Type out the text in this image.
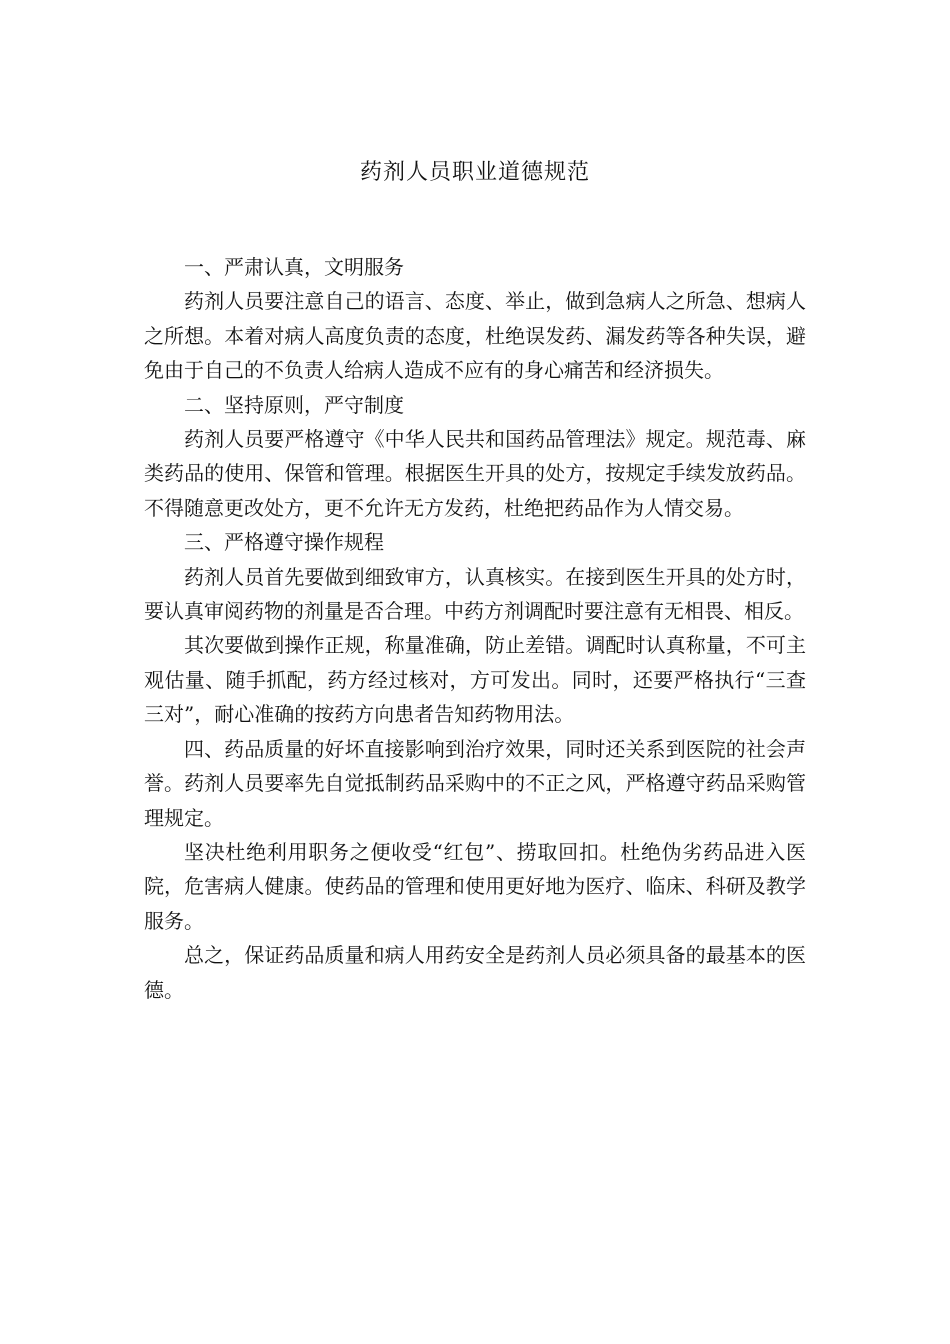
药剂人员职业道德规范

一、严肃认真，文明服务

药剂人员要注意自己的语言、态度、举止，做到急病人之所急、想病人之所想。本着对病人高度负责的态度，杜绝误发药、漏发药等各种失误，避免由于自己的不负责人给病人造成不应有的身心痛苦和经济损失。

二、坚持原则，严守制度

药剂人员要严格遵守《中华人民共和国药品管理法》规定。规范毒、麻类药品的使用、保管和管理。根据医生开具的处方，按规定手续发放药品。不得随意更改处方，更不允许无方发药，杜绝把药品作为人情交易。

三、严格遵守操作规程

药剂人员首先要做到细致审方，认真核实。在接到医生开具的处方时，要认真审阅药物的剂量是否合理。中药方剂调配时要注意有无相畏、相反。

其次要做到操作正规，称量准确，防止差错。调配时认真称量，不可主观估量、随手抓配，药方经过核对，方可发出。同时，还要严格执行“三查三对”，耐心准确的按药方向患者告知药物用法。

四、药品质量的好坏直接影响到治疗效果，同时还关系到医院的社会声誉。药剂人员要率先自觉抵制药品采购中的不正之风，严格遵守药品采购管理规定。

坚决杜绝利用职务之便收受“红包”、捞取回扣。杜绝伪劣药品进入医院，危害病人健康。使药品的管理和使用更好地为医疗、临床、科研及教学服务。

总之，保证药品质量和病人用药安全是药剂人员必须具备的最基本的医德。
